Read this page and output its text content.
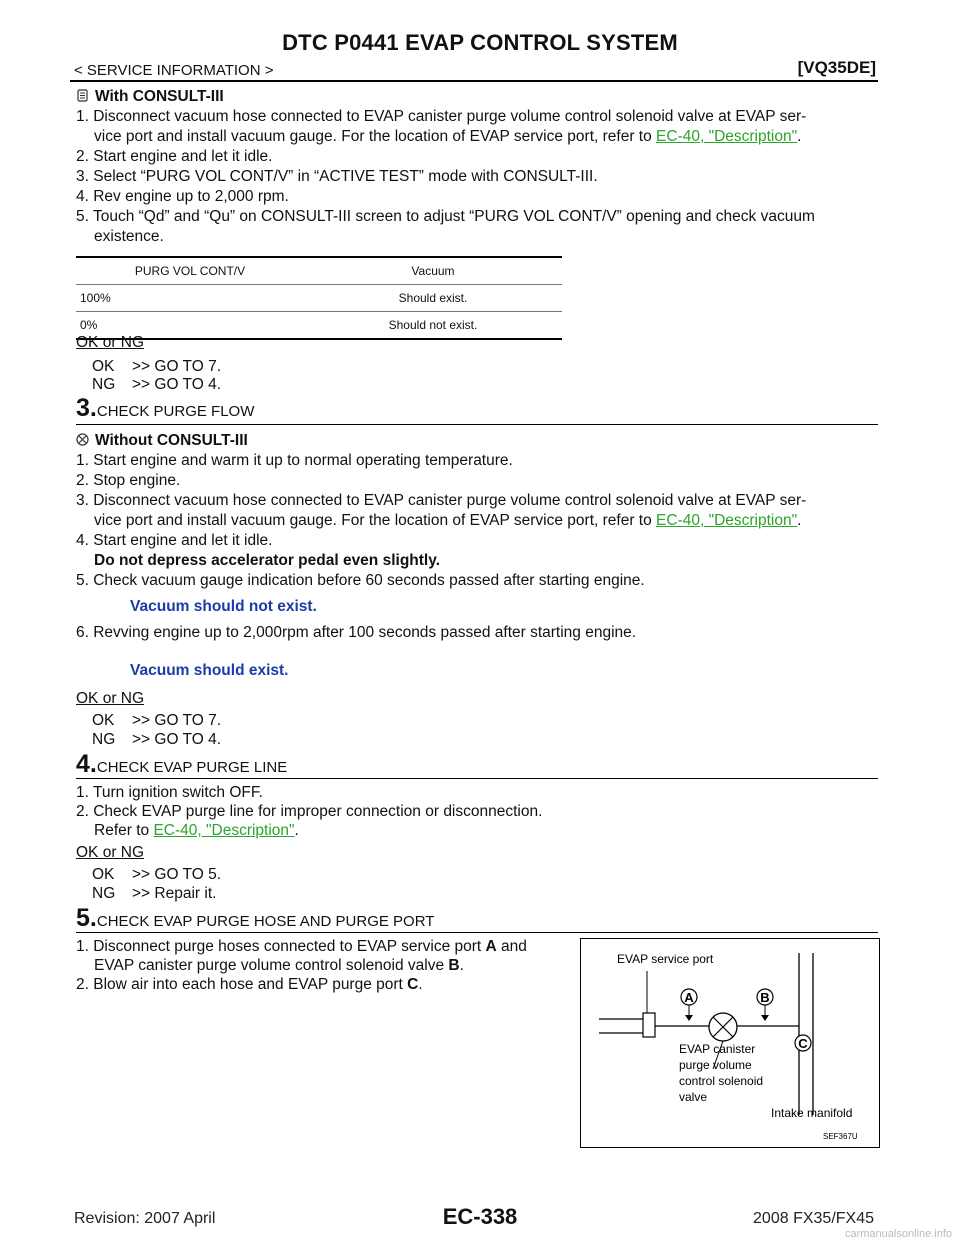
DTC P0441 EVAP CONTROL SYSTEM
< SERVICE INFORMATION >	[VQ35DE]
With CONSULT-III
1. Disconnect vacuum hose connected to EVAP canister purge volume control solenoid valve at EVAP ser-
vice port and install vacuum gauge. For the location of EVAP service port, refer to EC-40, "Description".
2. Start engine and let it idle.
3. Select “PURG VOL CONT/V” in “ACTIVE TEST” mode with CONSULT-III.
4. Rev engine up to 2,000 rpm.
5. Touch “Qd” and “Qu” on CONSULT-III screen to adjust “PURG VOL CONT/V” opening and check vacuum
existence.
PURG VOL CONT/V	Vacuum
100%	Should exist.
0%	Should not exist.
OK or NG
OK >> GO TO 7.
NG >> GO TO 4.
3.CHECK PURGE FLOW
Without CONSULT-III
1. Start engine and warm it up to normal operating temperature.
2. Stop engine.
3. Disconnect vacuum hose connected to EVAP canister purge volume control solenoid valve at EVAP ser-
vice port and install vacuum gauge. For the location of EVAP service port, refer to EC-40, "Description".
4. Start engine and let it idle.
Do not depress accelerator pedal even slightly.
5. Check vacuum gauge indication before 60 seconds passed after starting engine.
Vacuum should not exist.
6. Revving engine up to 2,000rpm after 100 seconds passed after starting engine.
Vacuum should exist.
OK or NG
OK >> GO TO 7.
NG >> GO TO 4.
4.CHECK EVAP PURGE LINE
1. Turn ignition switch OFF.
2. Check EVAP purge line for improper connection or disconnection.
Refer to EC-40, "Description".
OK or NG
OK >> GO TO 5.
NG >> Repair it.
5.CHECK EVAP PURGE HOSE AND PURGE PORT
1. Disconnect purge hoses connected to EVAP service port A and
EVAP canister purge volume control solenoid valve B.
2. Blow air into each hose and EVAP purge port C.
A	B
C
EVAP service port
EVAP canister
purge volume
control solenoid
valve
Intake manifold
SEF367U
Revision: 2007 April	EC-338	2008 FX35/FX45
carmanualsonline.info
